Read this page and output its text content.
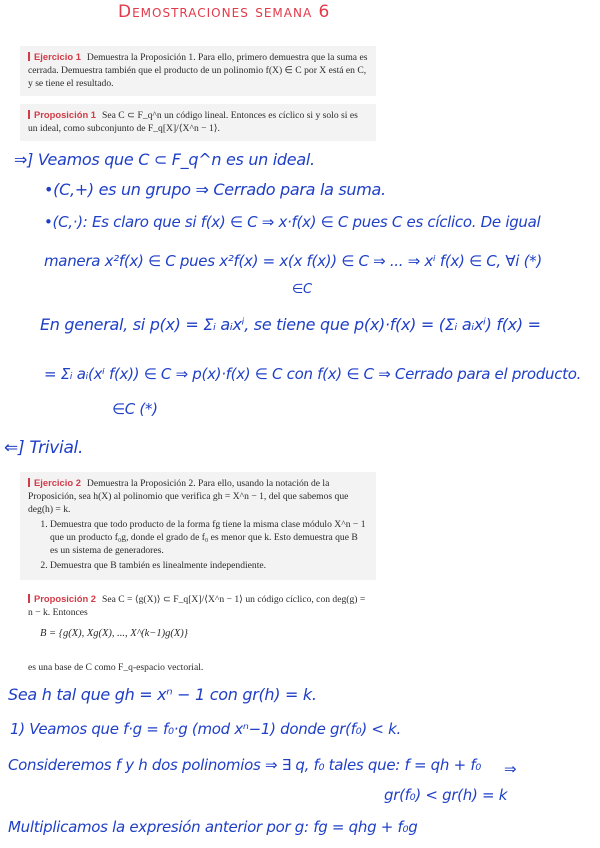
Demostraciones semana 6
Ejercicio 1 Demuestra la Proposición 1. Para ello, primero demuestra que la suma es cerrada. Demuestra también que el producto de un polinomio f(X) ∈ C por X está en C, y se tiene el resultado.
Proposición 1 Sea C ⊂ F_q^n un código lineal. Entonces es cíclico si y solo si es un ideal, como subconjunto de F_q[X]/⟨X^n − 1⟩.
⇒] Veamos que C ⊂ F_q^n es un ideal.
•(C,+) es un grupo ⇒ Cerrado para la suma.
•(C,·): Es claro que si f(x) ∈ C ⇒ x·f(x) ∈ C pues C es cíclico. De igual
manera x²f(x) ∈ C pues x²f(x) = x(x f(x)) ∈ C ⇒ ... ⇒ xⁱ f(x) ∈ C, ∀i (*)
∈C
En general, si p(x) = Σᵢ aᵢxⁱ, se tiene que p(x)·f(x) = (Σᵢ aᵢxⁱ) f(x) =
= Σᵢ aᵢ(xⁱ f(x)) ∈ C ⇒ p(x)·f(x) ∈ C con f(x) ∈ C ⇒ Cerrado para el producto.
∈C (*)
⇐] Trivial.
Ejercicio 2 Demuestra la Proposición 2. Para ello, usando la notación de la Proposición, sea h(X) al polinomio que verifica gh = X^n − 1, del que sabemos que deg(h) = k.
1. Demuestra que todo producto de la forma fg tiene la misma clase módulo X^n − 1 que un producto f₀g, donde el grado de f₀ es menor que k. Esto demuestra que B es un sistema de generadores.
2. Demuestra que B también es linealmente independiente.
Proposición 2 Sea C = ⟨g(X)⟩ ⊂ F_q[X]/⟨X^n − 1⟩ un código cíclico, con deg(g) = n − k. Entonces
B = {g(X), Xg(X), ..., X^(k−1)g(X)}
es una base de C como F_q-espacio vectorial.
Sea h tal que gh = xⁿ − 1 con gr(h) = k.
1) Veamos que f·g = f₀·g (mod xⁿ−1) donde gr(f₀) < k.
Consideremos f y h dos polinomios ⇒ ∃ q, f₀ tales que: f = qh + f₀ ⇒
gr(f₀) < gr(h) = k
Multiplicamos la expresión anterior por g: fg = qhg + f₀g
